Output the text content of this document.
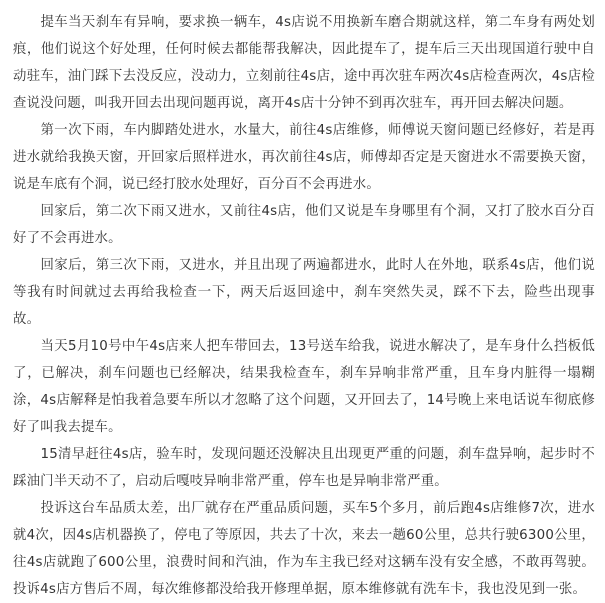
提车当天刹车有异响，要求换一辆车，4s店说不用换新车磨合期就这样，第二车身有两处划痕，他们说这个好处理，任何时候去都能帮我解决，因此提车了，提车后三天出现国道行驶中自动驻车，油门踩下去没反应，没动力，立刻前往4s店，途中再次驻车两次4s店检查两次，4s店检查说没问题，叫我开回去出现问题再说，离开4s店十分钟不到再次驻车，再开回去解决问题。

第一次下雨，车内脚踏处进水，水量大，前往4s店维修，师傅说天窗问题已经修好，若是再进水就给我换天窗，开回家后照样进水，再次前往4s店，师傅却否定是天窗进水不需要换天窗，说是车底有个洞，说已经打胶水处理好，百分百不会再进水。

回家后，第二次下雨又进水，又前往4s店，他们又说是车身哪里有个洞，又打了胶水百分百好了不会再进水。

回家后，第三次下雨，又进水，并且出现了两遍都进水，此时人在外地，联系4s店，他们说等我有时间就过去再给我检查一下，两天后返回途中，刹车突然失灵，踩不下去，险些出现事故。

当天5月10号中午4s店来人把车带回去，13号送车给我，说进水解决了，是车身什么挡板低了，已解决，刹车问题也已经解决，结果我检查车，刹车异响非常严重，且车身内脏得一塌糊涂，4s店解释是怕我着急要车所以才忽略了这个问题，又开回去了，14号晚上来电话说车彻底修好了叫我去提车。

15清早赶往4s店，验车时，发现问题还没解决且出现更严重的问题，刹车盘异响，起步时不踩油门半天动不了，启动后嘎吱异响非常严重，停车也是异响非常严重。

投诉这台车品质太差，出厂就存在严重品质问题，买车5个多月，前后跑4s店维修7次，进水就4次，因4s店机器换了，停电了等原因，共去了十次，来去一趟60公里，总共行驶6300公里，往4s店就跑了600公里，浪费时间和汽油，作为车主我已经对这辆车没有安全感，不敢再驾驶。投诉4s店方售后不周，每次维修都没给我开修理单据，原本维修就有洗车卡，我也没见到一张。
